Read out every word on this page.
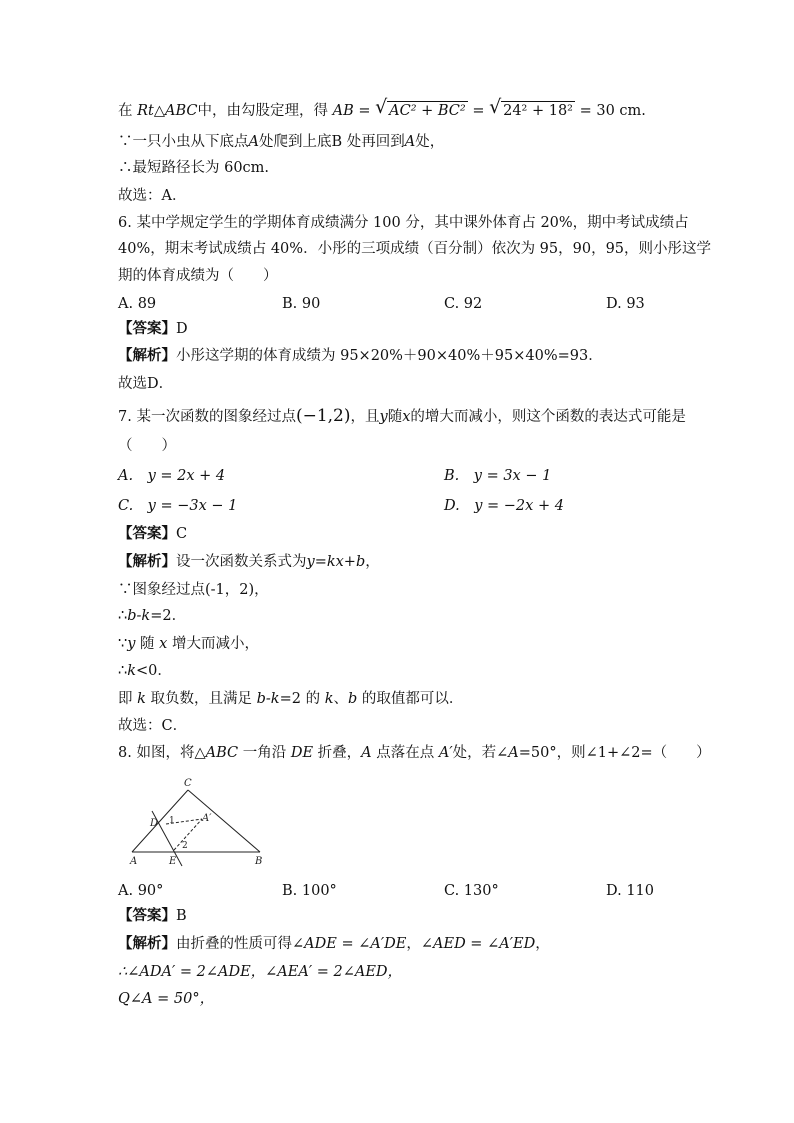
在 Rt△ABC中，由勾股定理，得 AB = √ AC² + BC² = √ 24² + 18² = 30 cm.
∵一只小虫从下底点A处爬到上底B 处再回到A处，
∴最短路径长为 60cm.
故选：A．
6. 某中学规定学生的学期体育成绩满分 100 分，其中课外体育占 20%，期中考试成绩占
40%，期末考试成绩占 40%．小彤的三项成绩（百分制）依次为 95，90，95，则小彤这学
期的体育成绩为（　　）
A. 89	B. 90	C. 92	D. 93
【答案】D
【解析】小彤这学期的体育成绩为 95×20%＋90×40%＋95×40%=93．
故选D．
7. 某一次函数的图象经过点(−1,2)，且y随x的增大而减小，则这个函数的表达式可能是
（　　）
A.　y = 2x + 4	B.　y = 3x − 1
C.　y = −3x − 1	D.　y = −2x + 4
【答案】C
【解析】设一次函数关系式为y=kx+b，
∵图象经过点(-1，2)，
∴b-k=2．
∵y 随 x 增大而减小，
∴k<0．
即 k 取负数，且满足 b-k=2 的 k、b 的取值都可以．
故选：C．
8. 如图，将△ABC 一角沿 DE 折叠，A 点落在点 A′处，若∠A=50°，则∠1+∠2=（　　）
C
D
A	E	B
A′
1
2
A. 90°	B. 100°	C. 130°	D. 110
【答案】B
【解析】由折叠的性质可得∠ADE = ∠A′DE，∠AED = ∠A′ED，
∴∠ADA′ = 2∠ADE，∠AEA′ = 2∠AED，
Q∠A = 50°，
